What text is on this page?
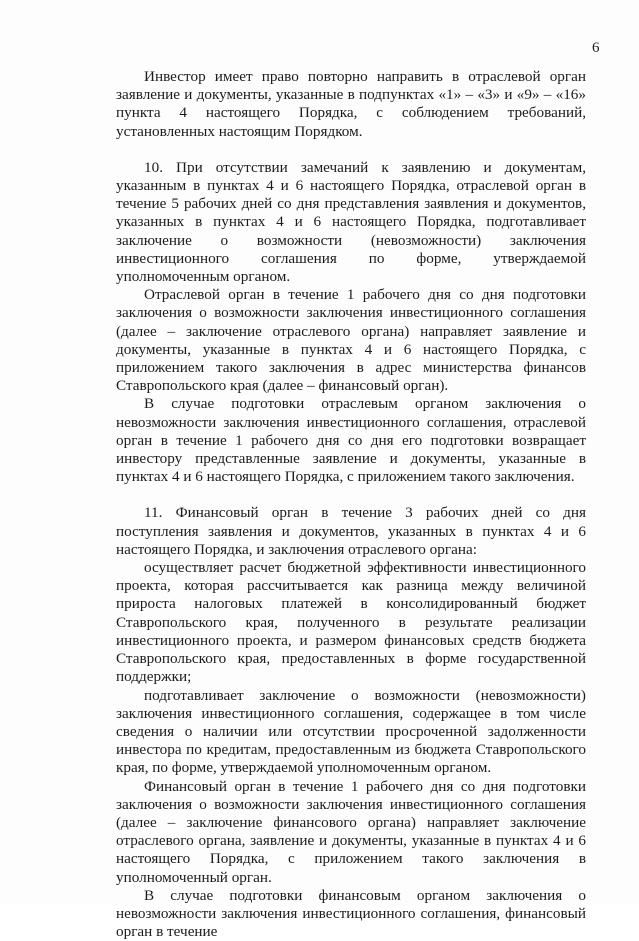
6

Инвестор имеет право повторно направить в отраслевой орган заявление и документы, указанные в подпунктах «1» – «3» и «9» – «16» пункта 4 настоящего Порядка, с соблюдением требований, установленных настоящим Порядком.

10. При отсутствии замечаний к заявлению и документам, указанным в пунктах 4 и 6 настоящего Порядка, отраслевой орган в течение 5 рабочих дней со дня представления заявления и документов, указанных в пунктах 4 и 6 настоящего Порядка, подготавливает заключение о возможности (невозможности) заключения инвестиционного соглашения по форме, утверждаемой уполномоченным органом.

Отраслевой орган в течение 1 рабочего дня со дня подготовки заключения о возможности заключения инвестиционного соглашения (далее – заключение отраслевого органа) направляет заявление и документы, указанные в пунктах 4 и 6 настоящего Порядка, с приложением такого заключения в адрес министерства финансов Ставропольского края (далее – финансовый орган).

В случае подготовки отраслевым органом заключения о невозможности заключения инвестиционного соглашения, отраслевой орган в течение 1 рабочего дня со дня его подготовки возвращает инвестору представленные заявление и документы, указанные в пунктах 4 и 6 настоящего Порядка, с приложением такого заключения.

11. Финансовый орган в течение 3 рабочих дней со дня поступления заявления и документов, указанных в пунктах 4 и 6 настоящего Порядка, и заключения отраслевого органа:

осуществляет расчет бюджетной эффективности инвестиционного проекта, которая рассчитывается как разница между величиной прироста налоговых платежей в консолидированный бюджет Ставропольского края, полученного в результате реализации инвестиционного проекта, и размером финансовых средств бюджета Ставропольского края, предоставленных в форме государственной поддержки;

подготавливает заключение о возможности (невозможности) заключения инвестиционного соглашения, содержащее в том числе сведения о наличии или отсутствии просроченной задолженности инвестора по кредитам, предоставленным из бюджета Ставропольского края, по форме, утверждаемой уполномоченным органом.

Финансовый орган в течение 1 рабочего дня со дня подготовки заключения о возможности заключения инвестиционного соглашения (далее – заключение финансового органа) направляет заключение отраслевого органа, заявление и документы, указанные в пунктах 4 и 6 настоящего Порядка, с приложением такого заключения в уполномоченный орган.

В случае подготовки финансовым органом заключения о невозможности заключения инвестиционного соглашения, финансовый орган в течение
